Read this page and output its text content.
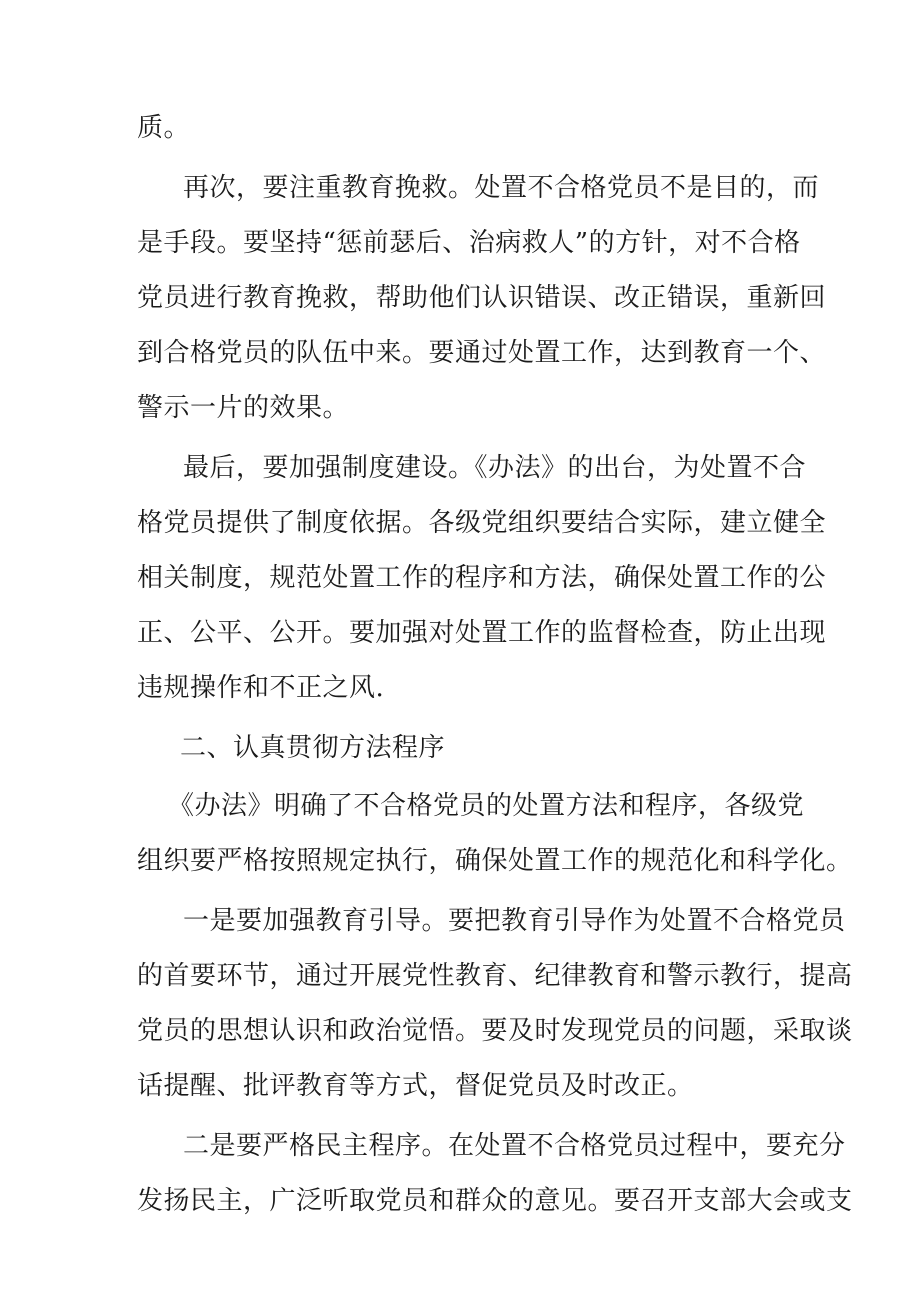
质。
再次，要注重教育挽救。处置不合格党员不是目的，而
是手段。要坚持“惩前瑟后、治病救人”的方针，对不合格
党员进行教育挽救，帮助他们认识错误、改正错误，重新回
到合格党员的队伍中来。要通过处置工作，达到教育一个、
警示一片的效果。
最后，要加强制度建设。《办法》的出台，为处置不合
格党员提供了制度依据。各级党组织要结合实际，建立健全
相关制度，规范处置工作的程序和方法，确保处置工作的公
正、公平、公开。要加强对处置工作的监督检查，防止出现
违规操作和不正之风.
二、认真贯彻方法程序
《办法》明确了不合格党员的处置方法和程序，各级党
组织要严格按照规定执行，确保处置工作的规范化和科学化。
一是要加强教育引导。要把教育引导作为处置不合格党员
的首要环节，通过开展党性教育、纪律教育和警示教行，提高
党员的思想认识和政治觉悟。要及时发现党员的问题，采取谈
话提醒、批评教育等方式，督促党员及时改正。
二是要严格民主程序。在处置不合格党员过程中，要充分
发扬民主，广泛听取党员和群众的意见。要召开支部大会或支
